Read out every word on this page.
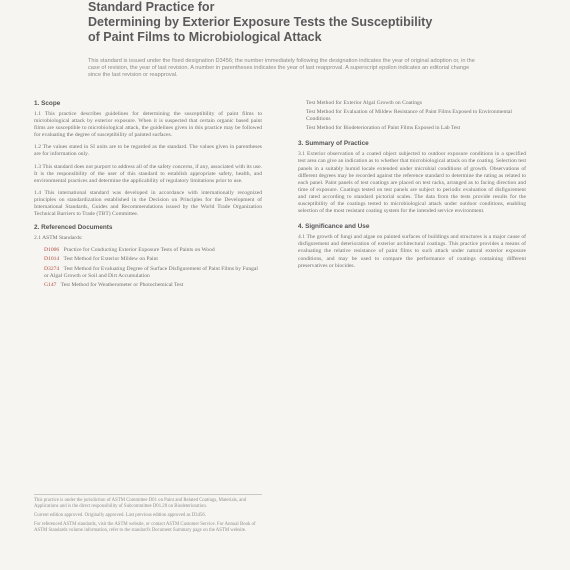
Standard Practice for
Determining by Exterior Exposure Tests the Susceptibility
of Paint Films to Microbiological Attack
This standard is issued under the fixed designation D3456; the number immediately following the designation indicates the year of original adoption or, in the case of revision, the year of last revision. A number in parentheses indicates the year of last reapproval. A superscript epsilon indicates an editorial change since the last revision or reapproval.
1. Scope

1.1 This practice describes guidelines for determining the susceptibility of paint films to microbiological attack by exterior exposure. When it is suspected that certain organic based paint films are susceptible to microbiological attack, the guidelines given in this practice may be followed for evaluating the degree of susceptibility of painted surfaces.

1.2 The values stated in SI units are to be regarded as the standard. The values given in parentheses are for information only.

1.3 This standard does not purport to address all of the safety concerns, if any, associated with its use. It is the responsibility of the user of this standard to establish appropriate safety, health, and environmental practices and determine the applicability of regulatory limitations prior to use.

1.4 This international standard was developed in accordance with internationally recognized principles on standardization established in the Decision on Principles for the Development of International Standards, Guides and Recommendations issued by the World Trade Organization Technical Barriers to Trade (TBT) Committee.

2. Referenced Documents

2.1 ASTM Standards:

D1006 Practice for Conducting Exterior Exposure Tests of Paints on Wood
D1014 Test Method for Exterior Mildew on Paint
D3274 Test Method for Evaluating Degree of Surface Disfigurement of Paint Films by Fungal or Algal Growth or Soil and Dirt Accumulation
G147 Test Method for Weatherometer or Photochemical Test

This practice is under the jurisdiction of ASTM Committee D01 on Paint and Related Coatings, Materials, and Applications and is the direct responsibility of Subcommittee D01.28 on Biodeterioration.

Current edition approved. Originally approved. Last previous edition approved as D3456.

For referenced ASTM standards, visit the ASTM website, or contact ASTM Customer Service. For Annual Book of ASTM Standards volume information, refer to the standard's Document Summary page on the ASTM website.

Test Method for Exterior Algal Growth on Coatings
Test Method for Evaluation of Mildew Resistance of Paint Films Exposed to Environmental Conditions
Test Method for Biodeterioration of Paint Films Exposed in Lab Test
3. Summary of Practice

3.1 Exterior observation of a coated object subjected to outdoor exposure conditions in a specified test area can give an indication as to whether that microbiological attack on the coating. Selection test panels in a suitably humid locale extended under microbial conditions of growth. Observations of different degrees may be recorded against the reference standard to determine the rating as related to each panel. Paint panels of test coatings are placed on test racks, arranged as to facing direction and time of exposure. Coatings tested on test panels are subject to periodic evaluation of disfigurement and rated according to standard pictorial scales. The data from the tests provide results for the susceptibility of the coatings tested to microbiological attack under outdoor conditions, enabling selection of the most resistant coating system for the intended service environment.

4. Significance and Use

4.1 The growth of fungi and algae on painted surfaces of buildings and structures is a major cause of disfigurement and deterioration of exterior architectural coatings. This practice provides a means of evaluating the relative resistance of paint films to such attack under natural exterior exposure conditions, and may be used to compare the performance of coatings containing different preservatives or biocides.
